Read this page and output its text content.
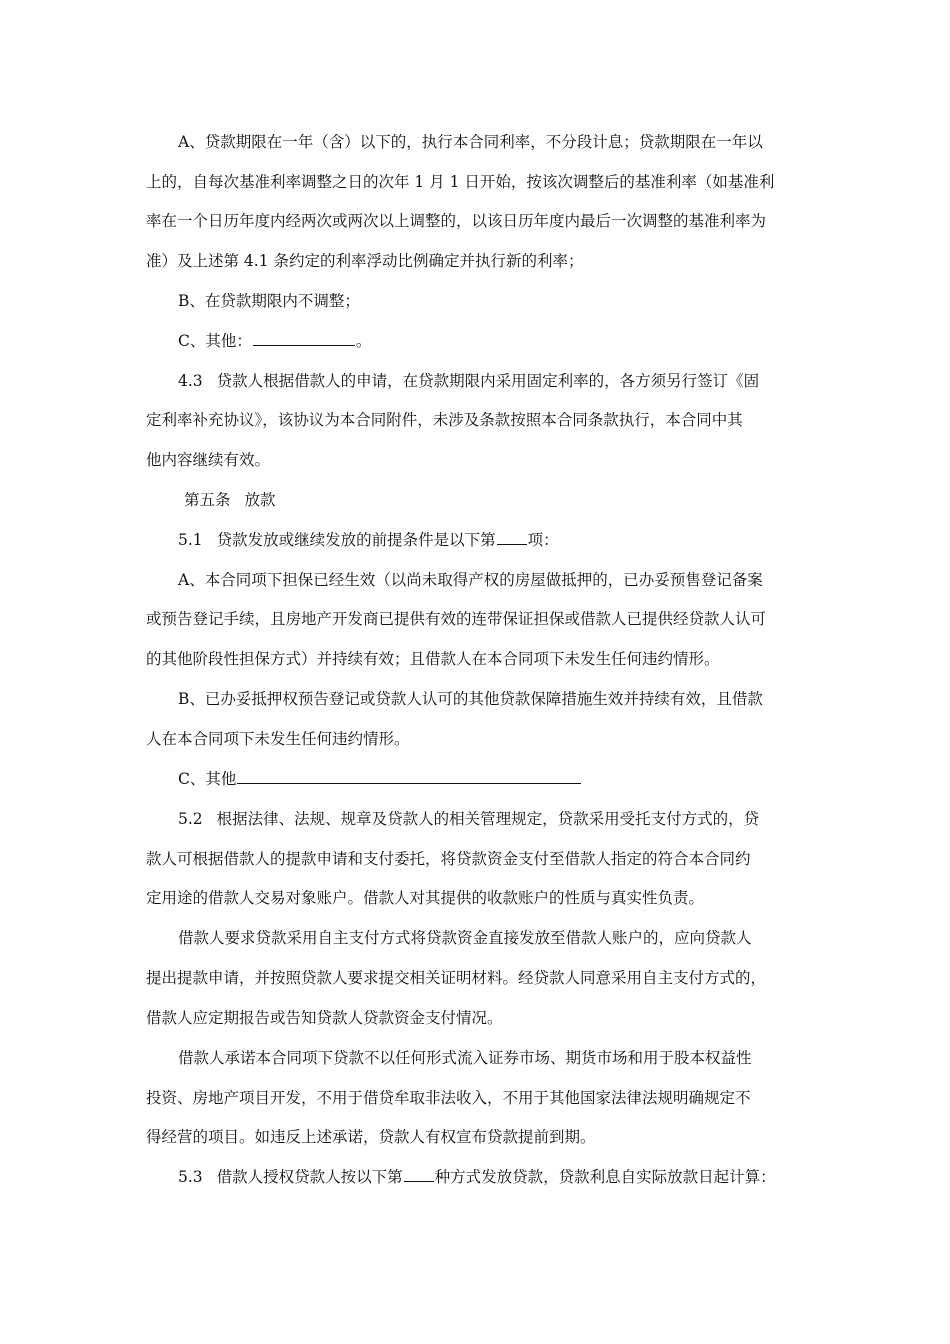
A、贷款期限在一年（含）以下的，执行本合同利率，不分段计息；贷款期限在一年以
上的，自每次基准利率调整之日的次年 1 月 1 日开始，按该次调整后的基准利率（如基准利
率在一个日历年度内经两次或两次以上调整的，以该日历年度内最后一次调整的基准利率为
准）及上述第 4.1 条约定的利率浮动比例确定并执行新的利率；
B、在贷款期限内不调整；
C、其他：	。
4.3 贷款人根据借款人的申请，在贷款期限内采用固定利率的，各方须另行签订《固
定利率补充协议》，该协议为本合同附件，未涉及条款按照本合同条款执行，本合同中其
他内容继续有效。
第五条 放款
5.1 贷款发放或继续发放的前提条件是以下第 项：
A、本合同项下担保已经生效（以尚未取得产权的房屋做抵押的，已办妥预售登记备案
或预告登记手续，且房地产开发商已提供有效的连带保证担保或借款人已提供经贷款人认可
的其他阶段性担保方式）并持续有效；且借款人在本合同项下未发生任何违约情形。
B、已办妥抵押权预告登记或贷款人认可的其他贷款保障措施生效并持续有效，且借款
人在本合同项下未发生任何违约情形。
C、其他
5.2 根据法律、法规、规章及贷款人的相关管理规定，贷款采用受托支付方式的，贷
款人可根据借款人的提款申请和支付委托，将贷款资金支付至借款人指定的符合本合同约
定用途的借款人交易对象账户。借款人对其提供的收款账户的性质与真实性负责。
借款人要求贷款采用自主支付方式将贷款资金直接发放至借款人账户的，应向贷款人
提出提款申请，并按照贷款人要求提交相关证明材料。经贷款人同意采用自主支付方式的，
借款人应定期报告或告知贷款人贷款资金支付情况。
借款人承诺本合同项下贷款不以任何形式流入证券市场、期货市场和用于股本权益性
投资、房地产项目开发，不用于借贷牟取非法收入，不用于其他国家法律法规明确规定不
得经营的项目。如违反上述承诺，贷款人有权宣布贷款提前到期。
5.3 借款人授权贷款人按以下第 种方式发放贷款，贷款利息自实际放款日起计算：
